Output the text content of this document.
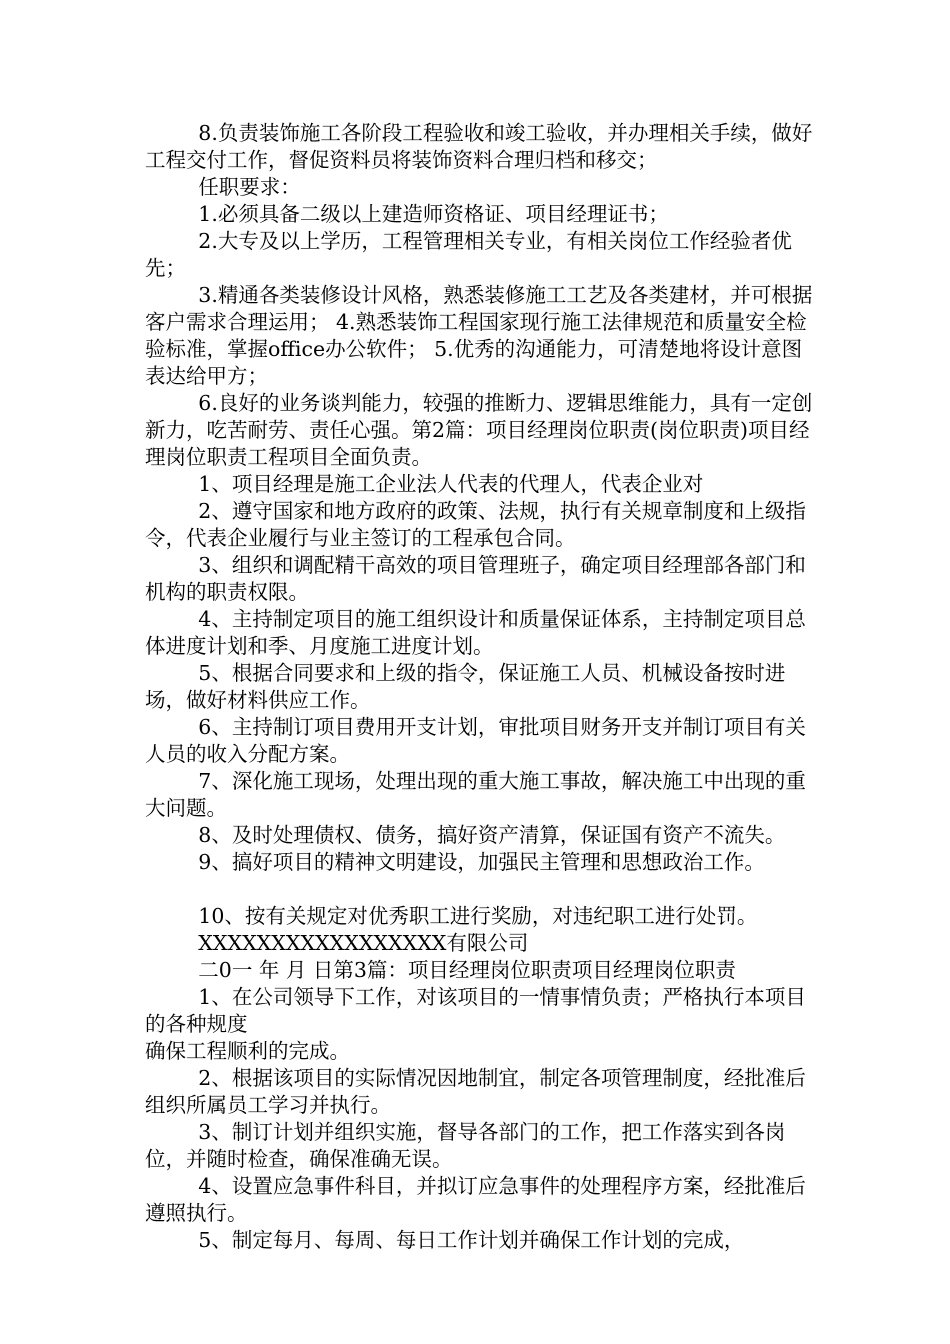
8.负责装饰施工各阶段工程验收和竣工验收，并办理相关手续，做好工程交付工作，督促资料员将装饰资料合理归档和移交；

任职要求：

1.必须具备二级以上建造师资格证、项目经理证书；

2.大专及以上学历，工程管理相关专业，有相关岗位工作经验者优先；

3.精通各类装修设计风格，熟悉装修施工工艺及各类建材，并可根据客户需求合理运用； 4.熟悉装饰工程国家现行施工法律规范和质量安全检验标准，掌握office办公软件； 5.优秀的沟通能力，可清楚地将设计意图表达给甲方；

6.良好的业务谈判能力，较强的推断力、逻辑思维能力，具有一定创新力，吃苦耐劳、责任心强。第2篇：项目经理岗位职责(岗位职责)项目经理岗位职责工程项目全面负责。

1、项目经理是施工企业法人代表的代理人，代表企业对

2、遵守国家和地方政府的政策、法规，执行有关规章制度和上级指令，代表企业履行与业主签订的工程承包合同。

3、组织和调配精干高效的项目管理班子，确定项目经理部各部门和机构的职责权限。

4、主持制定项目的施工组织设计和质量保证体系，主持制定项目总体进度计划和季、月度施工进度计划。

5、根据合同要求和上级的指令，保证施工人员、机械设备按时进场，做好材料供应工作。

6、主持制订项目费用开支计划，审批项目财务开支并制订项目有关人员的收入分配方案。

7、深化施工现场，处理出现的重大施工事故，解决施工中出现的重大问题。

8、及时处理债权、债务，搞好资产清算，保证国有资产不流失。

9、搞好项目的精神文明建设，加强民主管理和思想政治工作。

10、按有关规定对优秀职工进行奖励，对违纪职工进行处罚。

XXXXXXXXXXXXXXXXX有限公司

二0一 年 月 日第3篇：项目经理岗位职责项目经理岗位职责

1、在公司领导下工作，对该项目的一情事情负责；严格执行本项目的各种规度

确保工程顺利的完成。

2、根据该项目的实际情况因地制宜，制定各项管理制度，经批准后组织所属员工学习并执行。

3、制订计划并组织实施，督导各部门的工作，把工作落实到各岗位，并随时检查，确保准确无误。

4、设置应急事件科目，并拟订应急事件的处理程序方案，经批准后遵照执行。

5、制定每月、每周、每日工作计划并确保工作计划的完成，
